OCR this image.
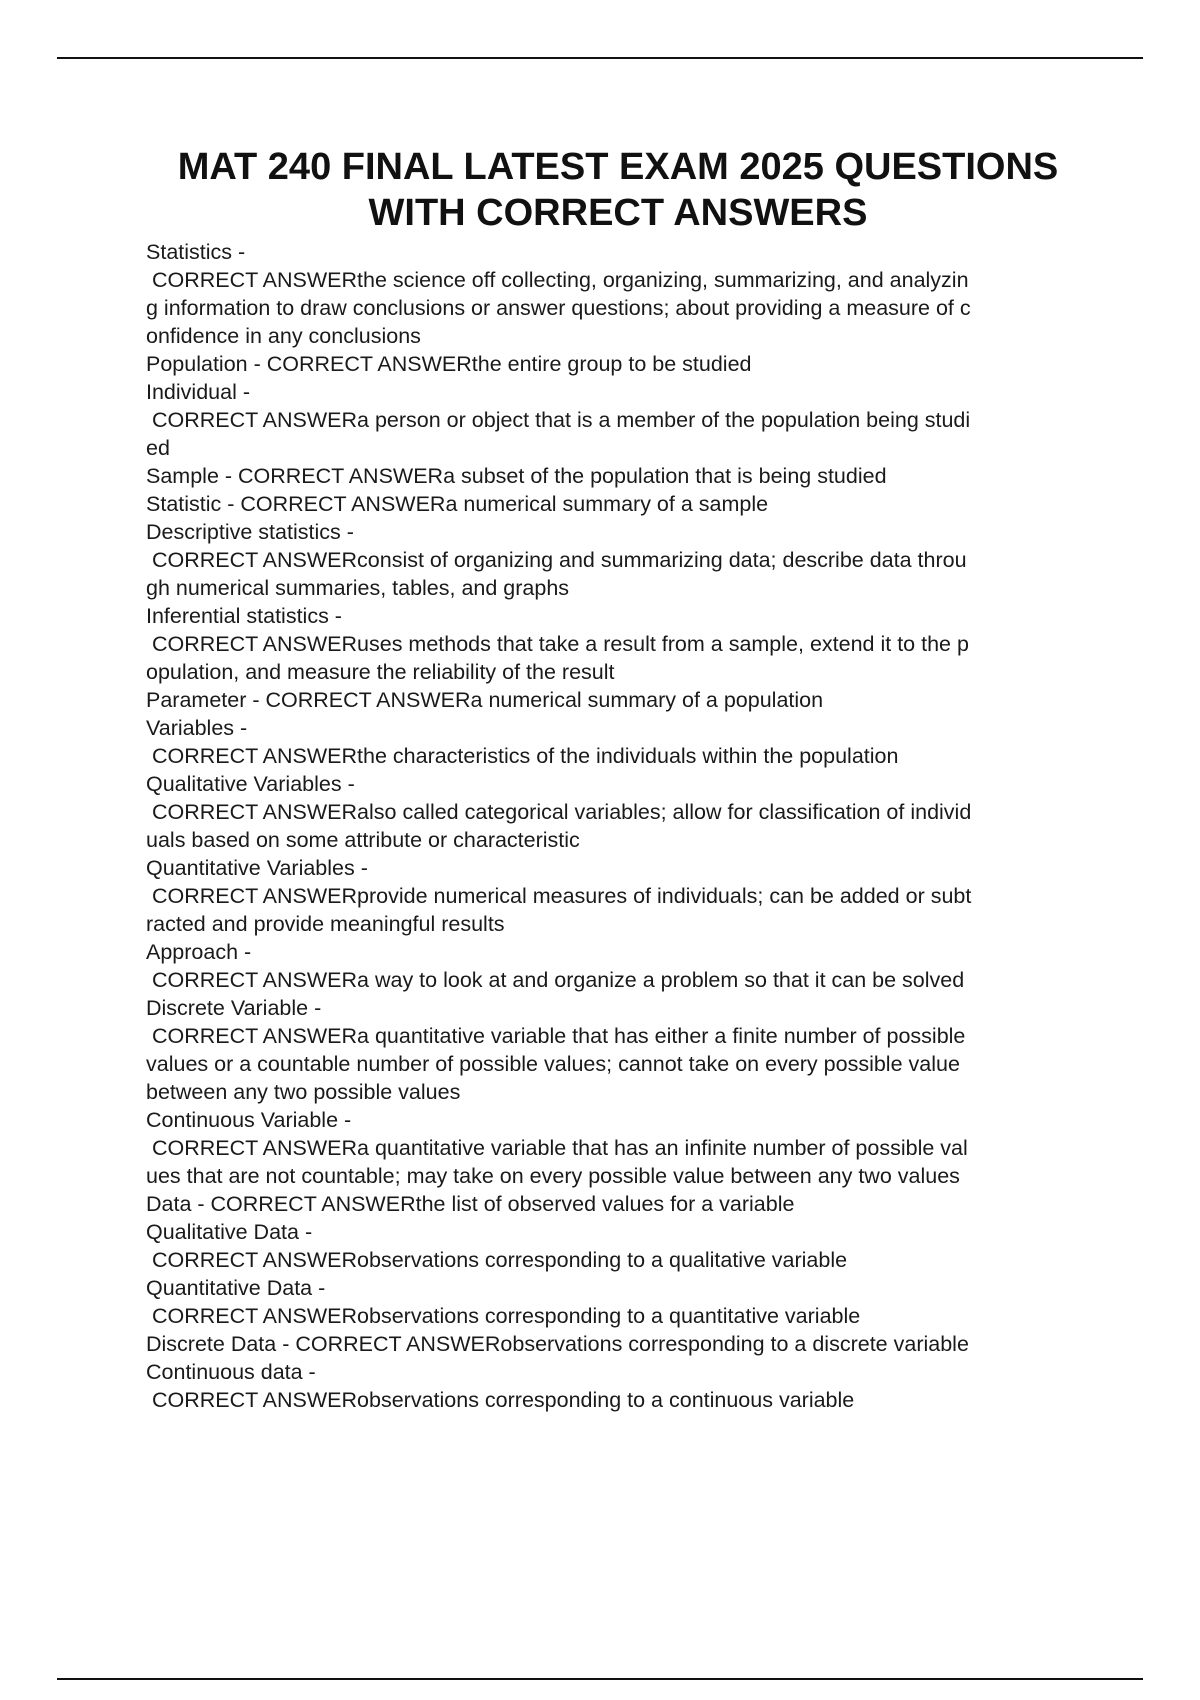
MAT 240 FINAL LATEST EXAM 2025 QUESTIONS
WITH CORRECT ANSWERS
Statistics -
CORRECT ANSWERthe science off collecting, organizing, summarizing, and analyzin
g information to draw conclusions or answer questions; about providing a measure of c
onfidence in any conclusions
Population - CORRECT ANSWERthe entire group to be studied
Individual -
CORRECT ANSWERa person or object that is a member of the population being studi
ed
Sample - CORRECT ANSWERa subset of the population that is being studied
Statistic - CORRECT ANSWERa numerical summary of a sample
Descriptive statistics -
CORRECT ANSWERconsist of organizing and summarizing data; describe data throu
gh numerical summaries, tables, and graphs
Inferential statistics -
CORRECT ANSWERuses methods that take a result from a sample, extend it to the p
opulation, and measure the reliability of the result
Parameter - CORRECT ANSWERa numerical summary of a population
Variables -
CORRECT ANSWERthe characteristics of the individuals within the population
Qualitative Variables -
CORRECT ANSWERalso called categorical variables; allow for classification of individ
uals based on some attribute or characteristic
Quantitative Variables -
CORRECT ANSWERprovide numerical measures of individuals; can be added or subt
racted and provide meaningful results
Approach -
CORRECT ANSWERa way to look at and organize a problem so that it can be solved
Discrete Variable -
CORRECT ANSWERa quantitative variable that has either a finite number of possible
values or a countable number of possible values; cannot take on every possible value
between any two possible values
Continuous Variable -
CORRECT ANSWERa quantitative variable that has an infinite number of possible val
ues that are not countable; may take on every possible value between any two values
Data - CORRECT ANSWERthe list of observed values for a variable
Qualitative Data -
CORRECT ANSWERobservations corresponding to a qualitative variable
Quantitative Data -
CORRECT ANSWERobservations corresponding to a quantitative variable
Discrete Data - CORRECT ANSWERobservations corresponding to a discrete variable
Continuous data -
CORRECT ANSWERobservations corresponding to a continuous variable
